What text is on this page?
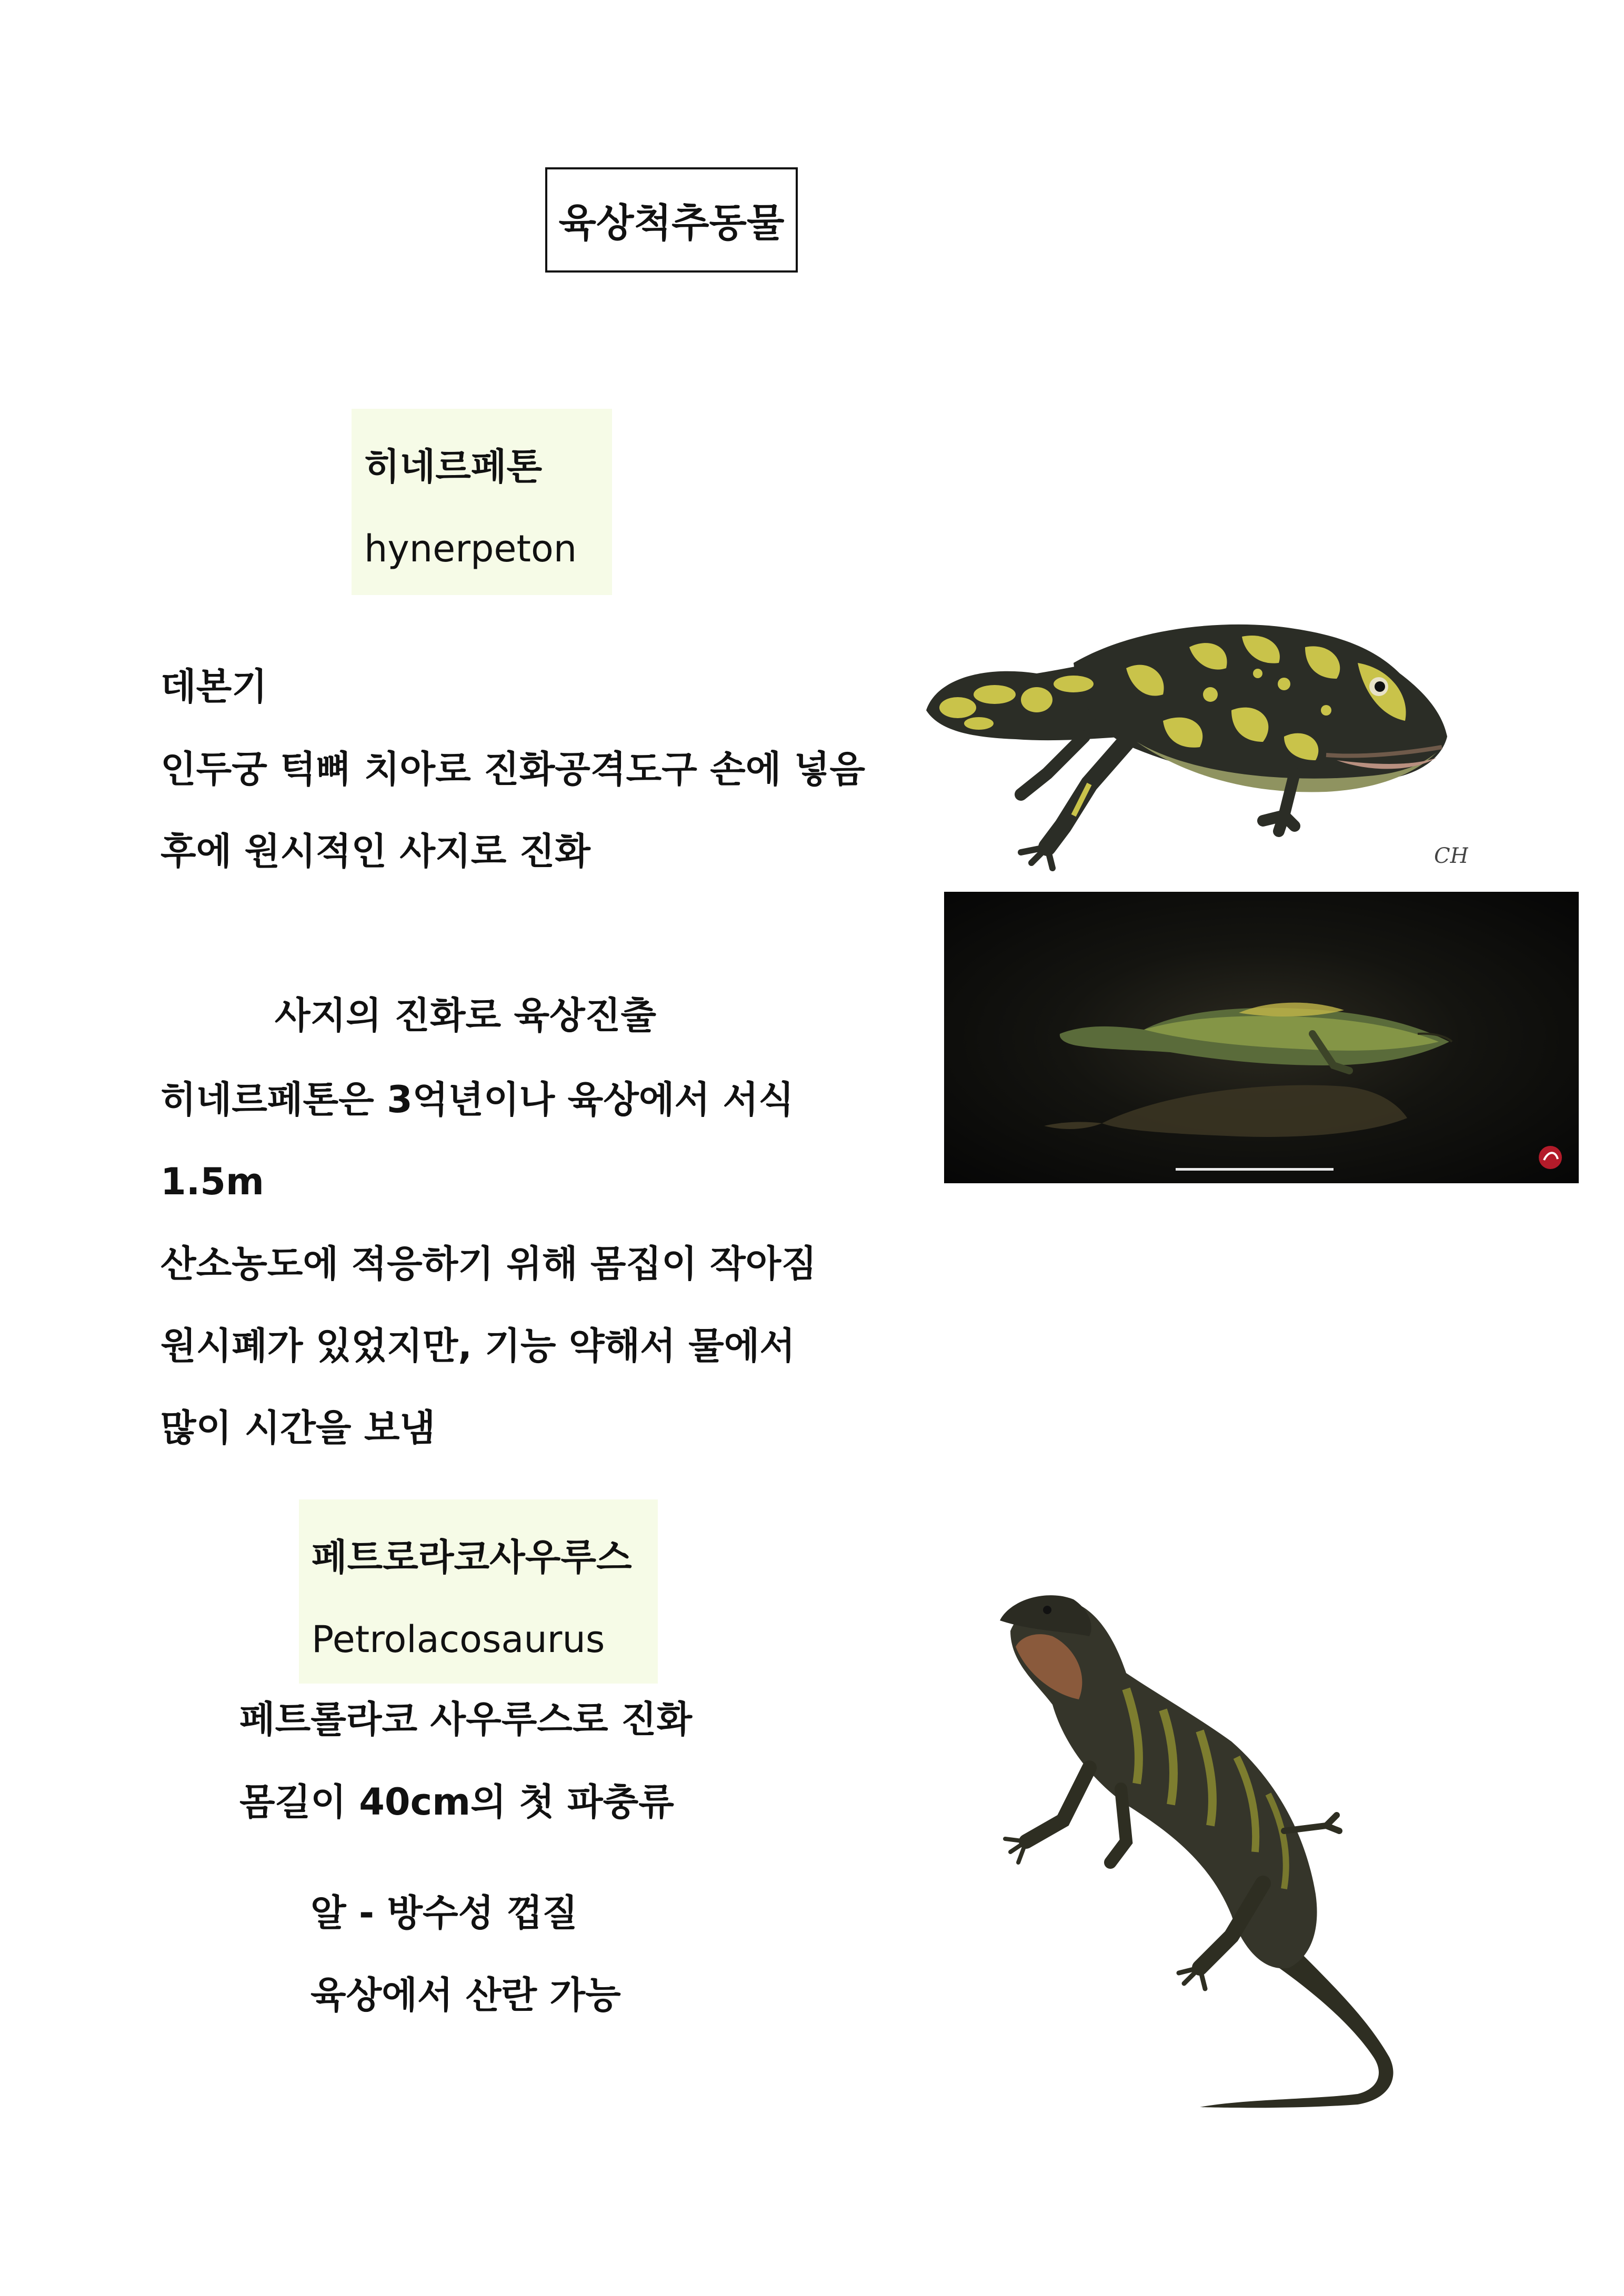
육상척추동물
히네르페톤
hynerpeton
데본기
인두궁 턱뼈 치아로 진화공격도구 손에 넣음
후에 원시적인 사지로 진화
사지의 진화로 육상진출
히네르페톤은 3억년이나 육상에서 서식
1.5m
산소농도에 적응하기 위해 몸집이 작아짐
원시폐가 있었지만, 기능 약해서 물에서
많이 시간을 보냄
CH
페트로라코사우루스
Petrolacosaurus
페트롤라코 사우루스로 진화
몸길이 40cm의 첫 파충류
알 - 방수성 껍질
육상에서 산란 가능
